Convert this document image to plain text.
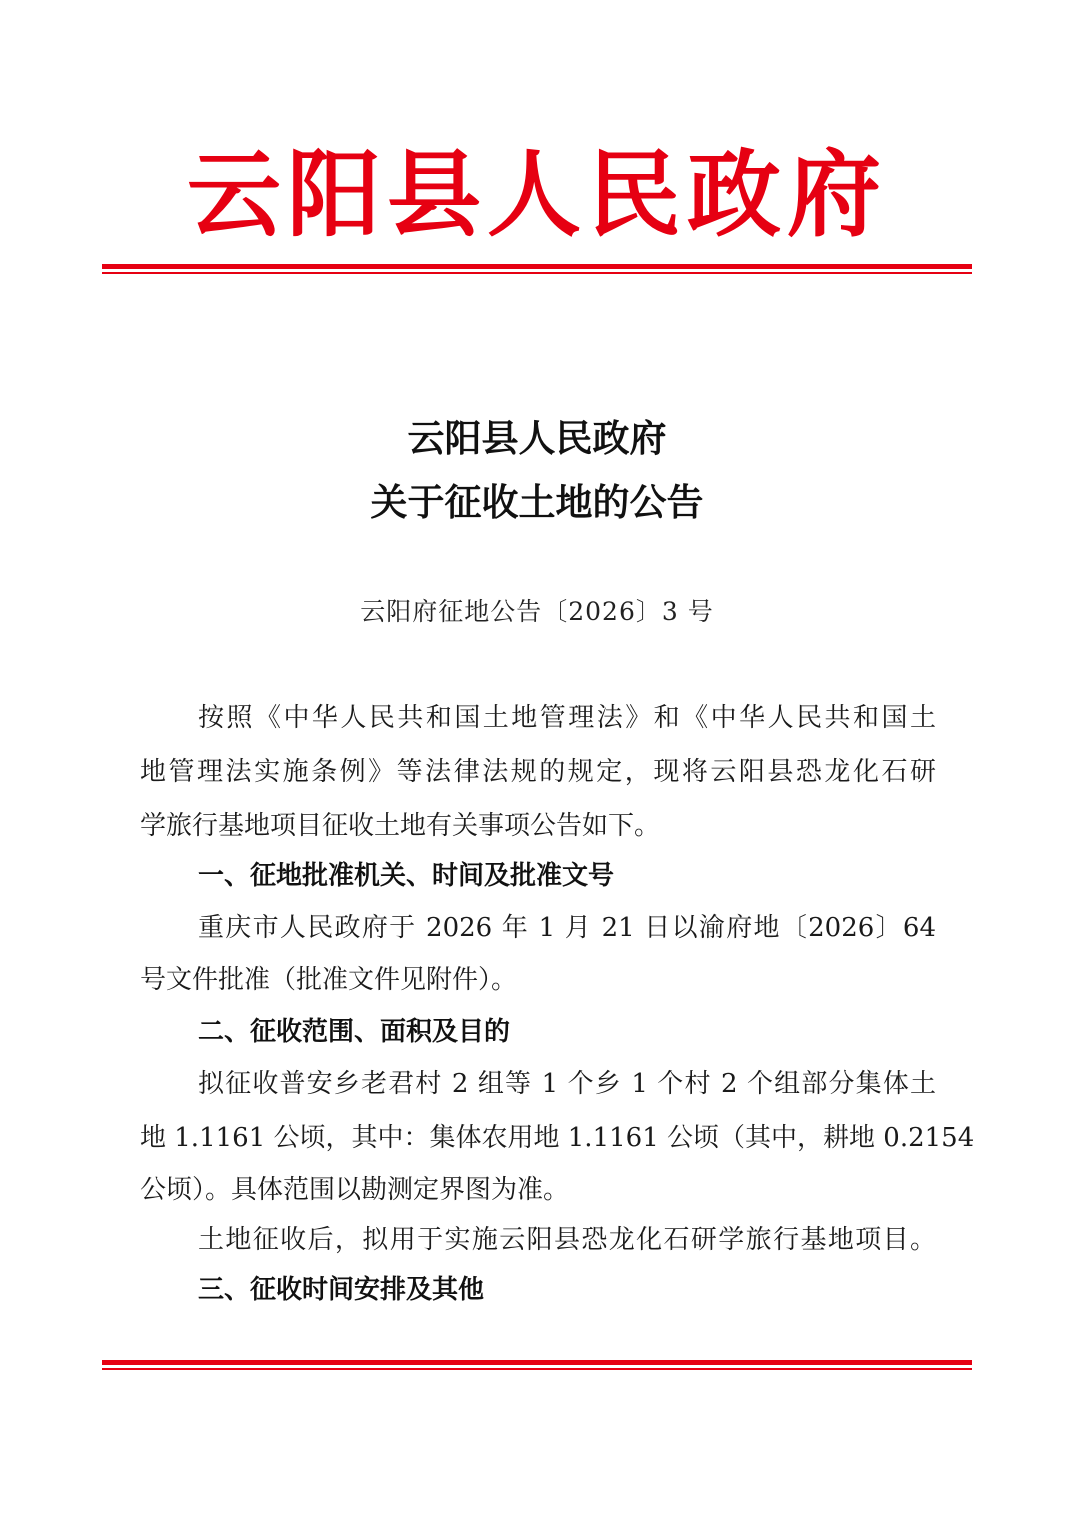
云阳县人民政府
云阳县人民政府
关于征收土地的公告
云阳府征地公告〔2026〕3 号
按照《中华人民共和国土地管理法》和《中华人民共和国土
地管理法实施条例》等法律法规的规定，现将云阳县恐龙化石研
学旅行基地项目征收土地有关事项公告如下。
一、征地批准机关、时间及批准文号
重庆市人民政府于 2026 年 1 月 21 日以渝府地〔2026〕64
号文件批准（批准文件见附件）。
二、征收范围、面积及目的
拟征收普安乡老君村 2 组等 1 个乡 1 个村 2 个组部分集体土
地 1.1161 公顷，其中：集体农用地 1.1161 公顷（其中，耕地 0.2154
公顷）。具体范围以勘测定界图为准。
土地征收后，拟用于实施云阳县恐龙化石研学旅行基地项目。
三、征收时间安排及其他
